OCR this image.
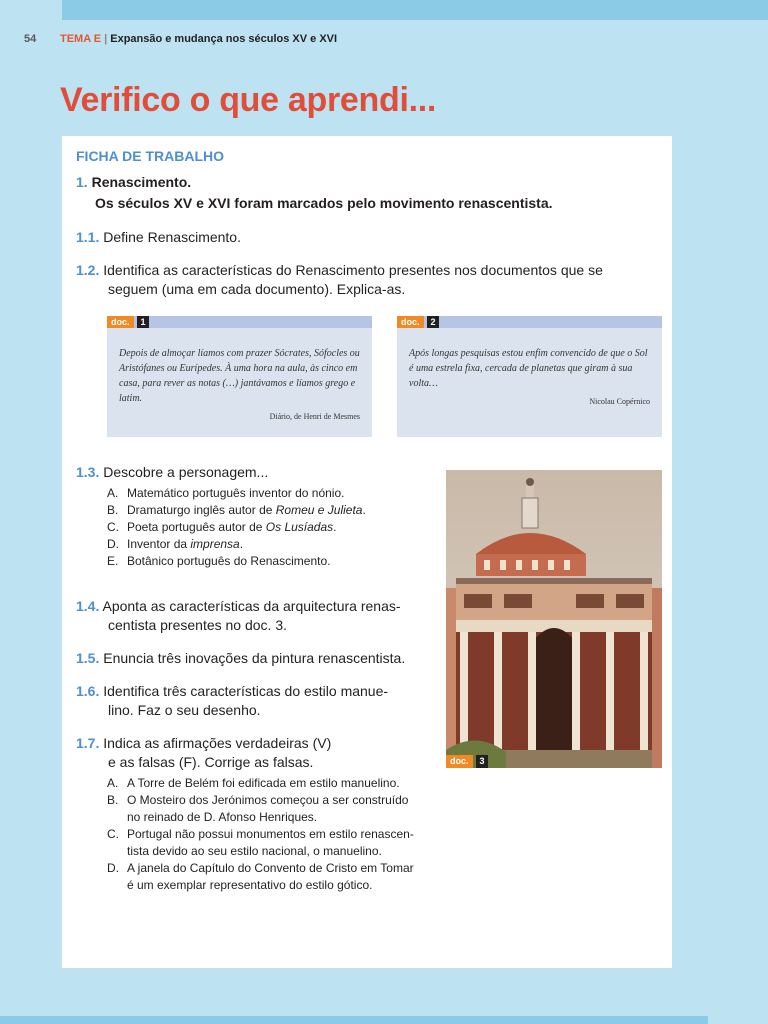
54 TEMA E | Expansão e mudança nos séculos XV e XVI
Verifico o que aprendi...
FICHA DE TRABALHO
1. Renascimento.
Os séculos XV e XVI foram marcados pelo movimento renascentista.
1.1. Define Renascimento.
1.2. Identifica as características do Renascimento presentes nos documentos que se
seguem (uma em cada documento). Explica-as.
doc.	1
Depois de almoçar líamos com prazer Sócrates, Sófocles ou Aristófanes ou Eurípedes. À uma hora na aula, às cinco em casa, para rever as notas (…) jantávamos e líamos grego e latim.
Diário, de Henri de Mesmes
doc.	2
Após longas pesquisas estou enfim convencido de que o Sol é uma estrela fixa, cercada de planetas que giram à sua volta…
Nicolau Copérnico
1.3. Descobre a personagem...
A. Matemático português inventor do nónio.
B. Dramaturgo inglês autor de Romeu e Julieta.
C. Poeta português autor de Os Lusíadas.
D. Inventor da imprensa.
E. Botânico português do Renascimento.
1.4. Aponta as características da arquitectura renas-
centista presentes no doc. 3.
1.5. Enuncia três inovações da pintura renascentista.
1.6. Identifica três características do estilo manue-
lino. Faz o seu desenho.
1.7. Indica as afirmações verdadeiras (V)
e as falsas (F). Corrige as falsas.
A. A Torre de Belém foi edificada em estilo manuelino.
B. O Mosteiro dos Jerónimos começou a ser construído
no reinado de D. Afonso Henriques.
C. Portugal não possui monumentos em estilo renascen-
tista devido ao seu estilo nacional, o manuelino.
D. A janela do Capítulo do Convento de Cristo em Tomar
é um exemplar representativo do estilo gótico.
doc.	3
